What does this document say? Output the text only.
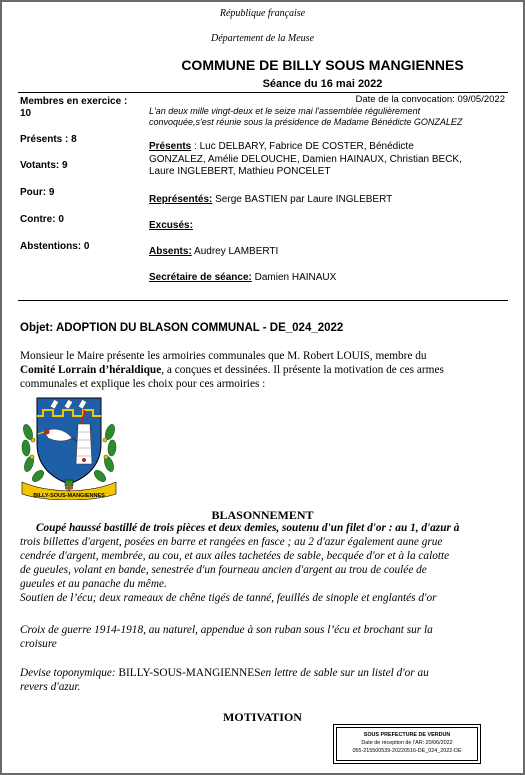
République française
Département de la Meuse
COMMUNE DE BILLY SOUS MANGIENNES
Séance du 16 mai 2022
Membres en exercice :
10
Présents : 8
Votants: 9
Pour: 9
Contre: 0
Abstentions: 0
Date de la convocation: 09/05/2022
L'an deux mille vingt-deux et le seize mai l'assemblée régulièrement
convoquée,s'est réunie sous la présidence de Madame Bénédicte GONZALEZ
Présents : Luc DELBARY, Fabrice DE COSTER, Bénédicte
GONZALEZ, Amélie DELOUCHE, Damien HAINAUX, Christian BECK,
Laure INGLEBERT, Mathieu PONCELET
Représentés: Serge BASTIEN par Laure INGLEBERT
Excusés:
Absents: Audrey LAMBERTI
Secrétaire de séance: Damien HAINAUX
Objet: ADOPTION DU BLASON COMMUNAL - DE_024_2022
Monsieur le Maire présente les armoiries communales que M. Robert LOUIS, membre du
Comité Lorrain d’héraldique, a conçues et dessinées. Il présente la motivation de ces armes
communales et explique les choix pour ces armoiries :
BILLY-SOUS-MANGIENNES
BLASONNEMENT
Coupé haussé bastillé de trois pièces et deux demies, soutenu d'un filet d'or : au 1, d'azur à
trois billettes d'argent, posées en barre et rangées en fasce ; au 2 d'azur également aune grue
cendrée d'argent, membrée, au cou, et aux ailes tachetées de sable, becquée d'or et à la calotte
de gueules, volant en bande, senestrée d'un fourneau ancien d'argent au trou de coulée de
gueules et au panache du même.
Soutien de l’écu; deux rameaux de chêne tigés de tanné, feuillés de sinople et englantés d'or
Croix de guerre 1914-1918, au naturel, appendue à son ruban sous l’écu et brochant sur la
croisure
Devise toponymique: BILLY-SOUS-MANGIENNESen lettre de sable sur un listel d'or au
revers d'azur.
MOTIVATION
SOUS PREFECTURE DE VERDUN
Date de réception de l'AR: 20/06/2022
055-215500539-20220516-DE_024_2022-DE
